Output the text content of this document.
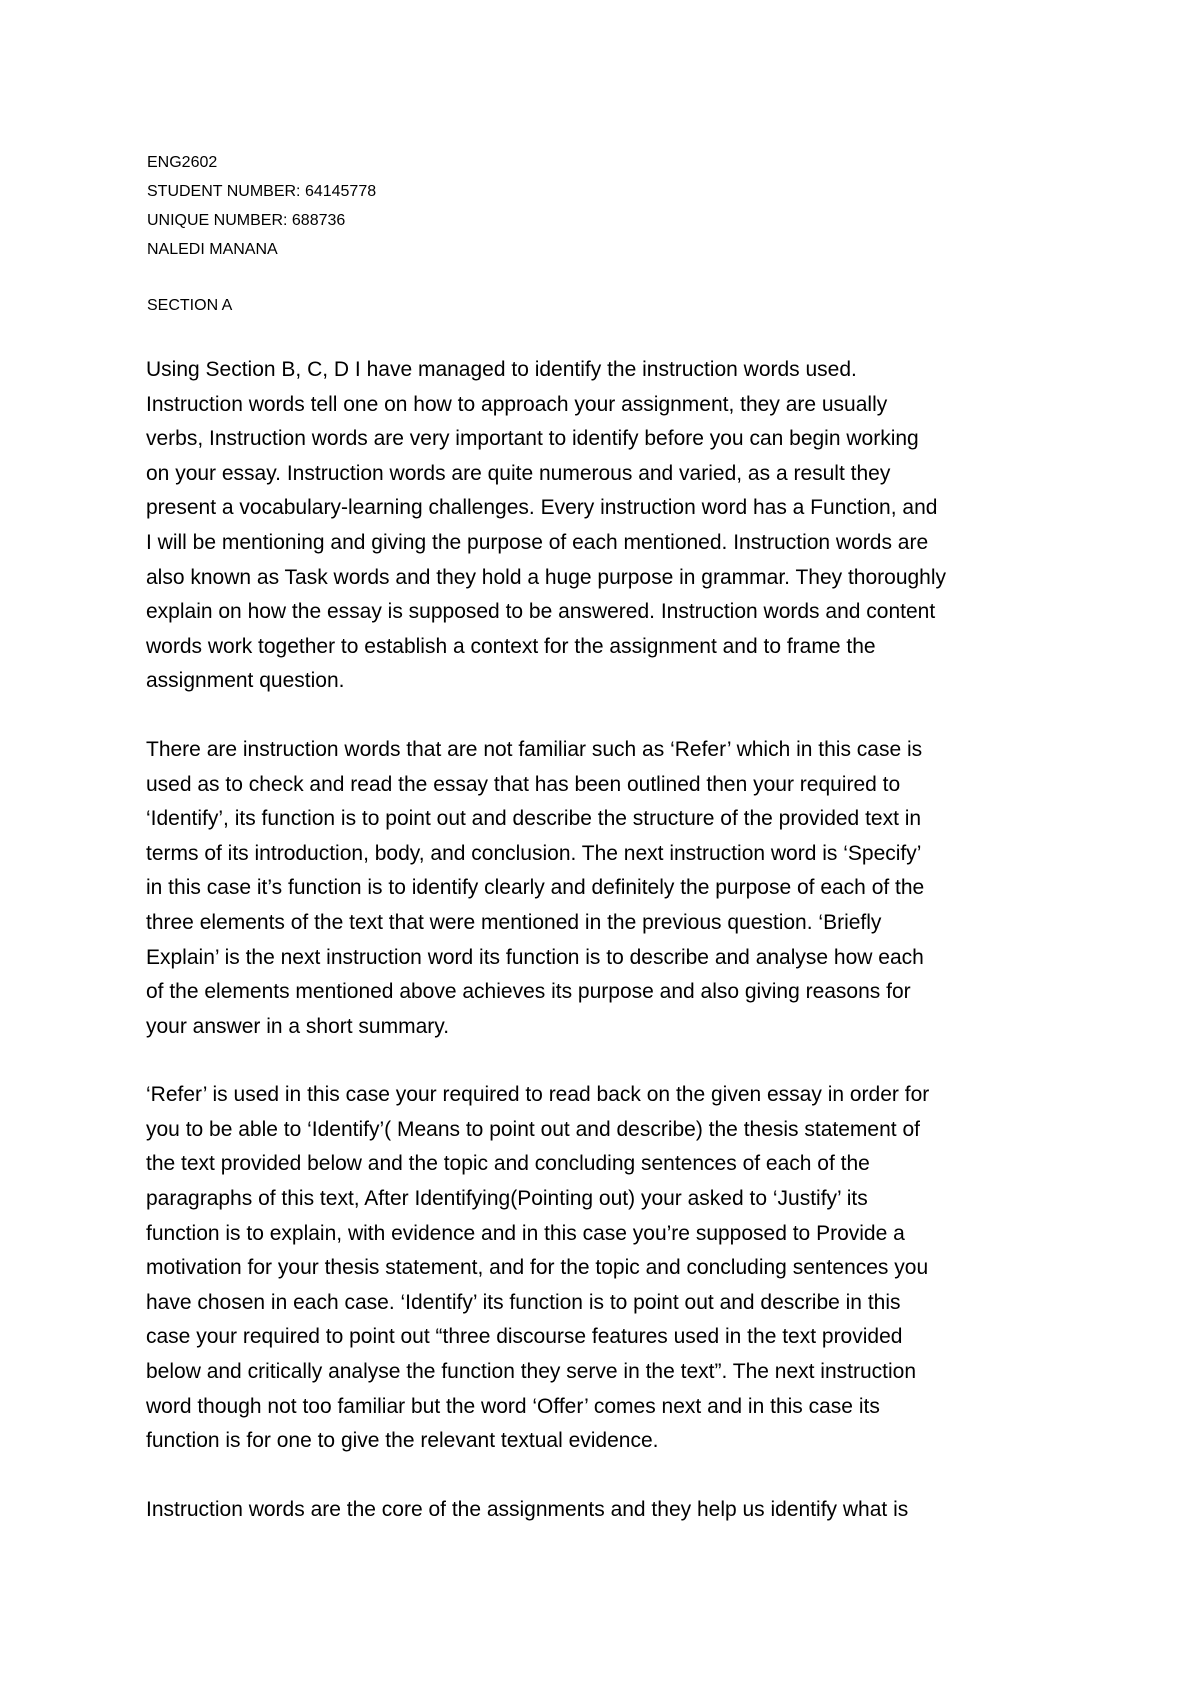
ENG2602
STUDENT NUMBER: 64145778
UNIQUE NUMBER: 688736
NALEDI MANANA
SECTION A
Using Section B, C, D I have managed to identify the instruction words used.
Instruction words tell one on how to approach your assignment, they are usually
verbs, Instruction words are very important to identify before you can begin working
on your essay. Instruction words are quite numerous and varied, as a result they
present a vocabulary-learning challenges. Every instruction word has a Function, and
I will be mentioning and giving the purpose of each mentioned. Instruction words are
also known as Task words and they hold a huge purpose in grammar. They thoroughly
explain on how the essay is supposed to be answered. Instruction words and content
words work together to establish a context for the assignment and to frame the
assignment question.
There are instruction words that are not familiar such as ‘Refer’ which in this case is
used as to check and read the essay that has been outlined then your required to
‘Identify’, its function is to point out and describe the structure of the provided text in
terms of its introduction, body, and conclusion. The next instruction word is ‘Specify’
in this case it’s function is to identify clearly and definitely the purpose of each of the
three elements of the text that were mentioned in the previous question. ‘Briefly
Explain’ is the next instruction word its function is to describe and analyse how each
of the elements mentioned above achieves its purpose and also giving reasons for
your answer in a short summary.
‘Refer’ is used in this case your required to read back on the given essay in order for
you to be able to ‘Identify’( Means to point out and describe) the thesis statement of
the text provided below and the topic and concluding sentences of each of the
paragraphs of this text, After Identifying(Pointing out) your asked to ‘Justify’ its
function is to explain, with evidence and in this case you’re supposed to Provide a
motivation for your thesis statement, and for the topic and concluding sentences you
have chosen in each case. ‘Identify’ its function is to point out and describe in this
case your required to point out “three discourse features used in the text provided
below and critically analyse the function they serve in the text”. The next instruction
word though not too familiar but the word ‘Offer’ comes next and in this case its
function is for one to give the relevant textual evidence.
Instruction words are the core of the assignments and they help us identify what is
